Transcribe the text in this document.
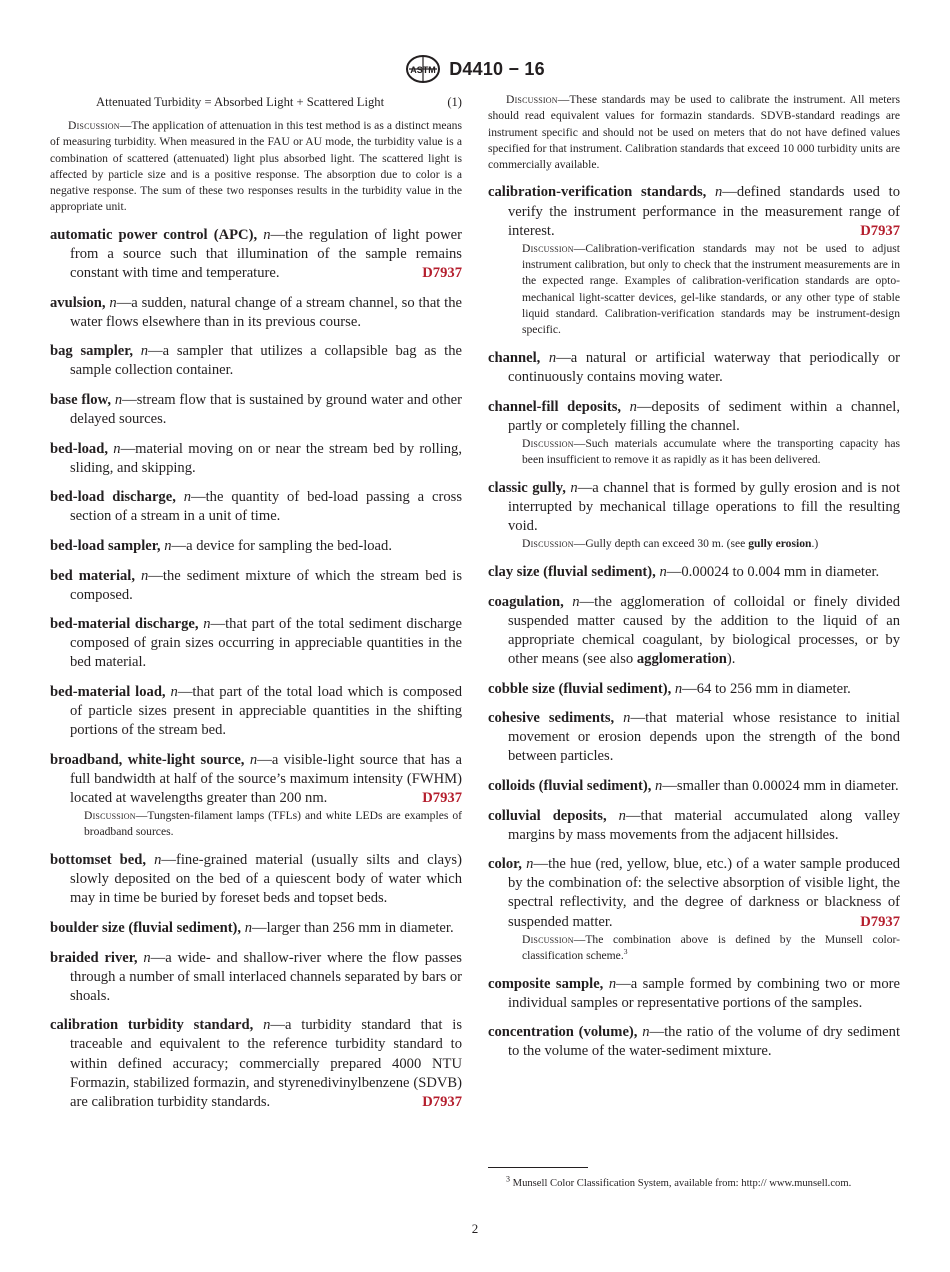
ASTM D4410 − 16
Attenuated Turbidity = Absorbed Light + Scattered Light	(1)

Discussion—The application of attenuation in this test method is as a distinct means of measuring turbidity. When measured in the FAU or AU mode, the turbidity value is a combination of scattered (attenuated) light plus absorbed light. The scattered light is affected by particle size and is a positive response. The absorption due to color is a negative response. The sum of these two responses results in the turbidity value in the appropriate unit.

automatic power control (APC), n—the regulation of light power from a source such that illumination of the sample remains constant with time and temperature.	D7937

avulsion, n—a sudden, natural change of a stream channel, so that the water flows elsewhere than in its previous course.

bag sampler, n—a sampler that utilizes a collapsible bag as the sample collection container.

base flow, n—stream flow that is sustained by ground water and other delayed sources.

bed-load, n—material moving on or near the stream bed by rolling, sliding, and skipping.

bed-load discharge, n—the quantity of bed-load passing a cross section of a stream in a unit of time.

bed-load sampler, n—a device for sampling the bed-load.

bed material, n—the sediment mixture of which the stream bed is composed.

bed-material discharge, n—that part of the total sediment discharge composed of grain sizes occurring in appreciable quantities in the bed material.

bed-material load, n—that part of the total load which is composed of particle sizes present in appreciable quantities in the shifting portions of the stream bed.

broadband, white-light source, n—a visible-light source that has a full bandwidth at half of the source’s maximum intensity (FWHM) located at wavelengths greater than 200 nm.	D7937

Discussion—Tungsten-filament lamps (TFLs) and white LEDs are examples of broadband sources.

bottomset bed, n—fine-grained material (usually silts and clays) slowly deposited on the bed of a quiescent body of water which may in time be buried by foreset beds and topset beds.

boulder size (fluvial sediment), n—larger than 256 mm in diameter.

braided river, n—a wide- and shallow-river where the flow passes through a number of small interlaced channels separated by bars or shoals.

calibration turbidity standard, n—a turbidity standard that is traceable and equivalent to the reference turbidity standard to within defined accuracy; commercially prepared 4000 NTU Formazin, stabilized formazin, and styrenedivinylbenzene (SDVB) are calibration turbidity standards.	D7937

Discussion—These standards may be used to calibrate the instrument. All meters should read equivalent values for formazin standards. SDVB-standard readings are instrument specific and should not be used on meters that do not have defined values specified for that instrument. Calibration standards that exceed 10 000 turbidity units are commercially available.

calibration-verification standards, n—defined standards used to verify the instrument performance in the measurement range of interest.	D7937

Discussion—Calibration-verification standards may not be used to adjust instrument calibration, but only to check that the instrument measurements are in the expected range. Examples of calibration-verification standards are opto-mechanical light-scatter devices, gel-like standards, or any other type of stable liquid standard. Calibration-verification standards may be instrument-design specific.

channel, n—a natural or artificial waterway that periodically or continuously contains moving water.

channel-fill deposits, n—deposits of sediment within a channel, partly or completely filling the channel.

Discussion—Such materials accumulate where the transporting capacity has been insufficient to remove it as rapidly as it has been delivered.

classic gully, n—a channel that is formed by gully erosion and is not interrupted by mechanical tillage operations to fill the resulting void.

Discussion—Gully depth can exceed 30 m. (see gully erosion.)

clay size (fluvial sediment), n—0.00024 to 0.004 mm in diameter.

coagulation, n—the agglomeration of colloidal or finely divided suspended matter caused by the addition to the liquid of an appropriate chemical coagulant, by biological processes, or by other means (see also agglomeration).

cobble size (fluvial sediment), n—64 to 256 mm in diameter.

cohesive sediments, n—that material whose resistance to initial movement or erosion depends upon the strength of the bond between particles.

colloids (fluvial sediment), n—smaller than 0.00024 mm in diameter.

colluvial deposits, n—that material accumulated along valley margins by mass movements from the adjacent hillsides.

color, n—the hue (red, yellow, blue, etc.) of a water sample produced by the combination of: the selective absorption of visible light, the spectral reflectivity, and the degree of darkness or blackness of suspended matter.	D7937

Discussion—The combination above is defined by the Munsell color-classification scheme.$^3$

composite sample, n—a sample formed by combining two or more individual samples or representative portions of the samples.

concentration (volume), n—the ratio of the volume of dry sediment to the volume of the water-sediment mixture.

$^3$ Munsell Color Classification System, available from: http:// www.munsell.com.
2
